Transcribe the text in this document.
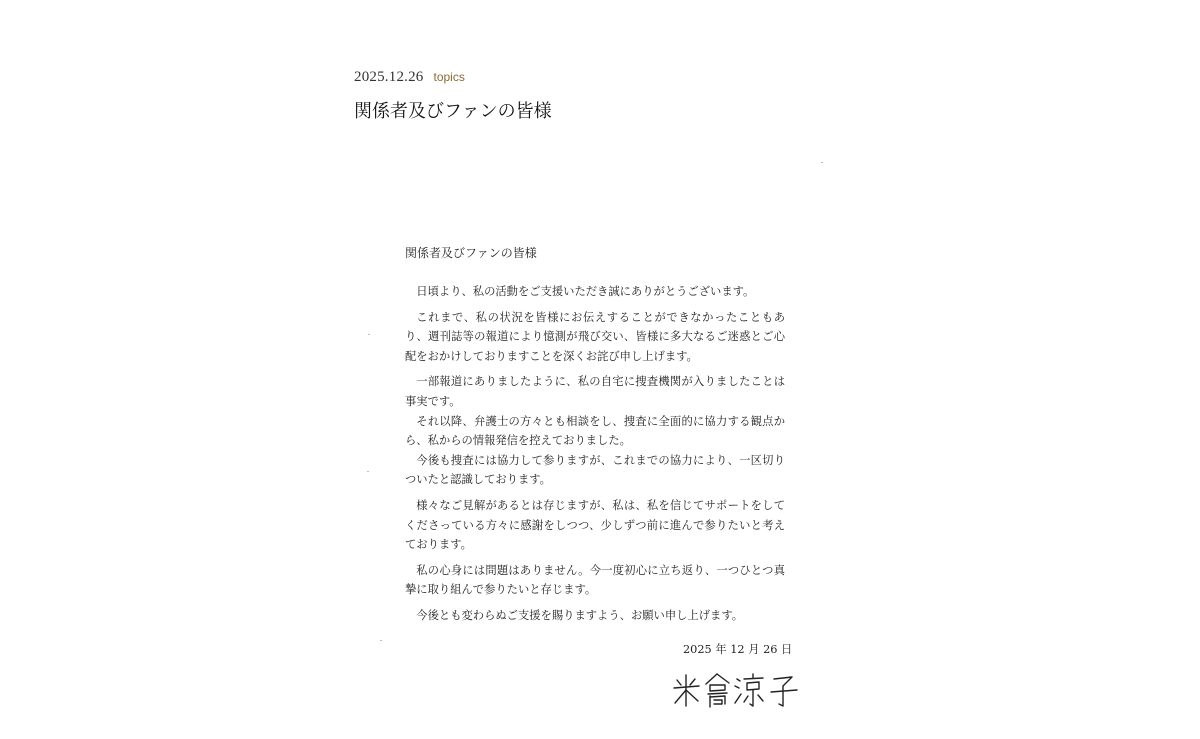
2025.12.26 topics
関係者及びファンの皆様

関係者及びファンの皆様

日頃より、私の活動をご支援いただき誠にありがとうございます。

これまで、私の状況を皆様にお伝えすることができなかったこともあり、週刊誌等の報道により憶測が飛び交い、皆様に多大なるご迷惑とご心配をおかけしておりますことを深くお詫び申し上げます。

一部報道にありましたように、私の自宅に捜査機関が入りましたことは事実です。

それ以降、弁護士の方々とも相談をし、捜査に全面的に協力する観点から、私からの情報発信を控えておりました。

今後も捜査には協力して参りますが、これまでの協力により、一区切りついたと認識しております。

様々なご見解があるとは存じますが、私は、私を信じてサポートをしてくださっている方々に感謝をしつつ、少しずつ前に進んで参りたいと考えております。

私の心身には問題はありません。今一度初心に立ち返り、一つひとつ真摯に取り組んで参りたいと存じます。

今後とも変わらぬご支援を賜りますよう、お願い申し上げます。

2025 年 12 月 26 日
